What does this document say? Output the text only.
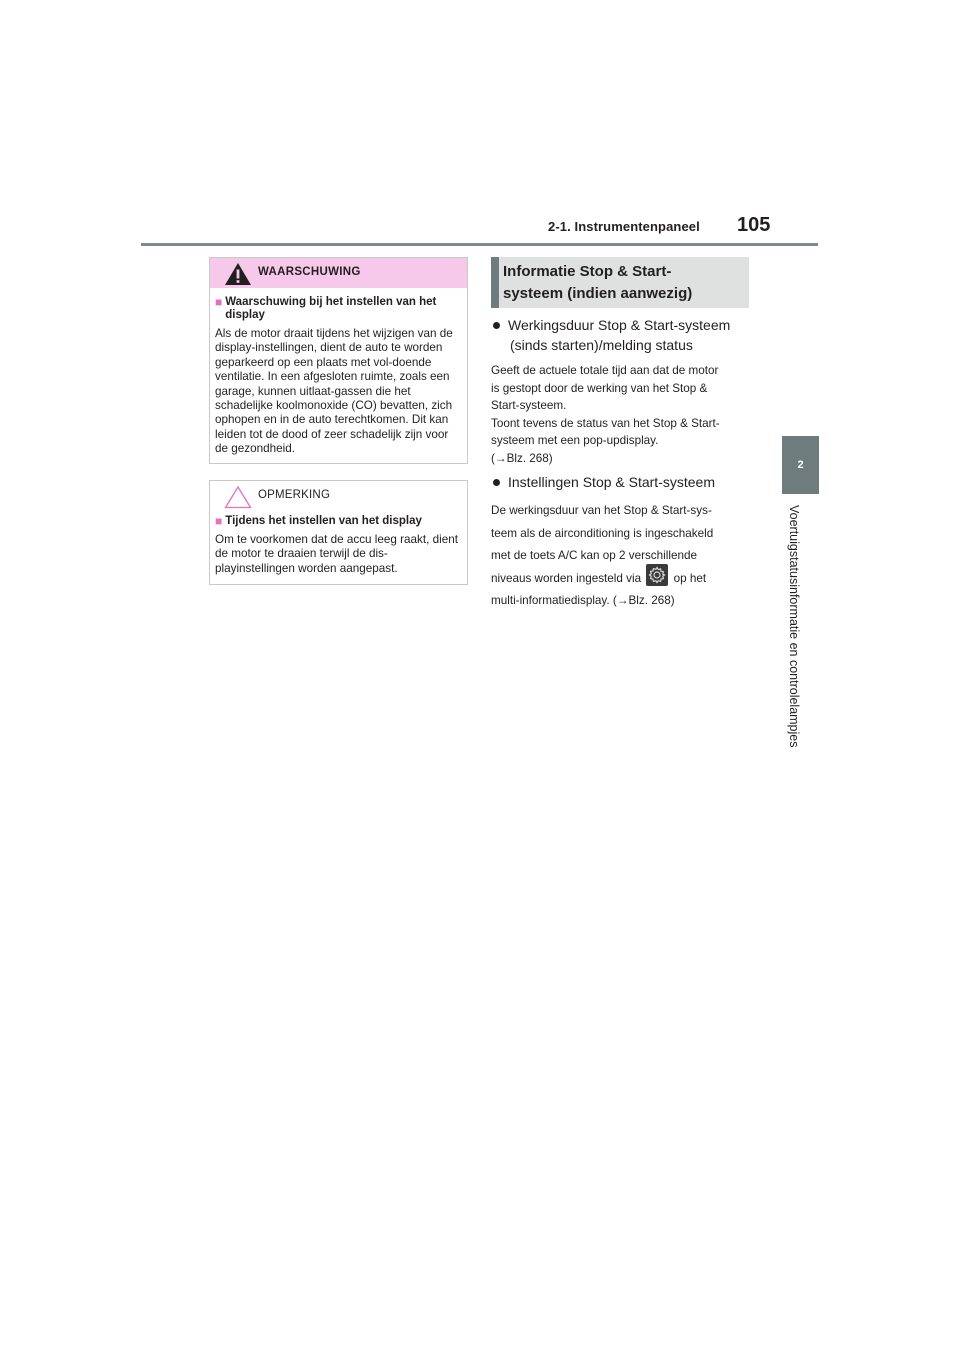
2-1. Instrumentenpaneel 105
2
Voertuigstatusinformatie en controlelampjes
WAARSCHUWING
■ Waarschuwing bij het instellen van het display
Als de motor draait tijdens het wijzigen van de display-instellingen, dient de auto te worden geparkeerd op een plaats met vol-doende ventilatie. In een afgesloten ruimte, zoals een garage, kunnen uitlaat-gassen die het schadelijke koolmonoxide (CO) bevatten, zich ophopen en in de auto terechtkomen. Dit kan leiden tot de dood of zeer schadelijk zijn voor de gezondheid.
OPMERKING
■ Tijdens het instellen van het display
Om te voorkomen dat de accu leeg raakt, dient de motor te draaien terwijl de dis-playinstellingen worden aangepast.
Informatie Stop & Start-
systeem (indien aanwezig)
Werkingsduur Stop & Start-systeem
(sinds starten)/melding status
Geeft de actuele totale tijd aan dat de motor
is gestopt door de werking van het Stop &
Start-systeem.
Toont tevens de status van het Stop & Start-
systeem met een pop-updisplay.
(→Blz. 268)
Instellingen Stop & Start-systeem
De werkingsduur van het Stop & Start-sys-
teem als de airconditioning is ingeschakeld
met de toets A/C kan op 2 verschillende
niveaus worden ingesteld via	op het
multi-informatiedisplay. (→Blz. 268)
